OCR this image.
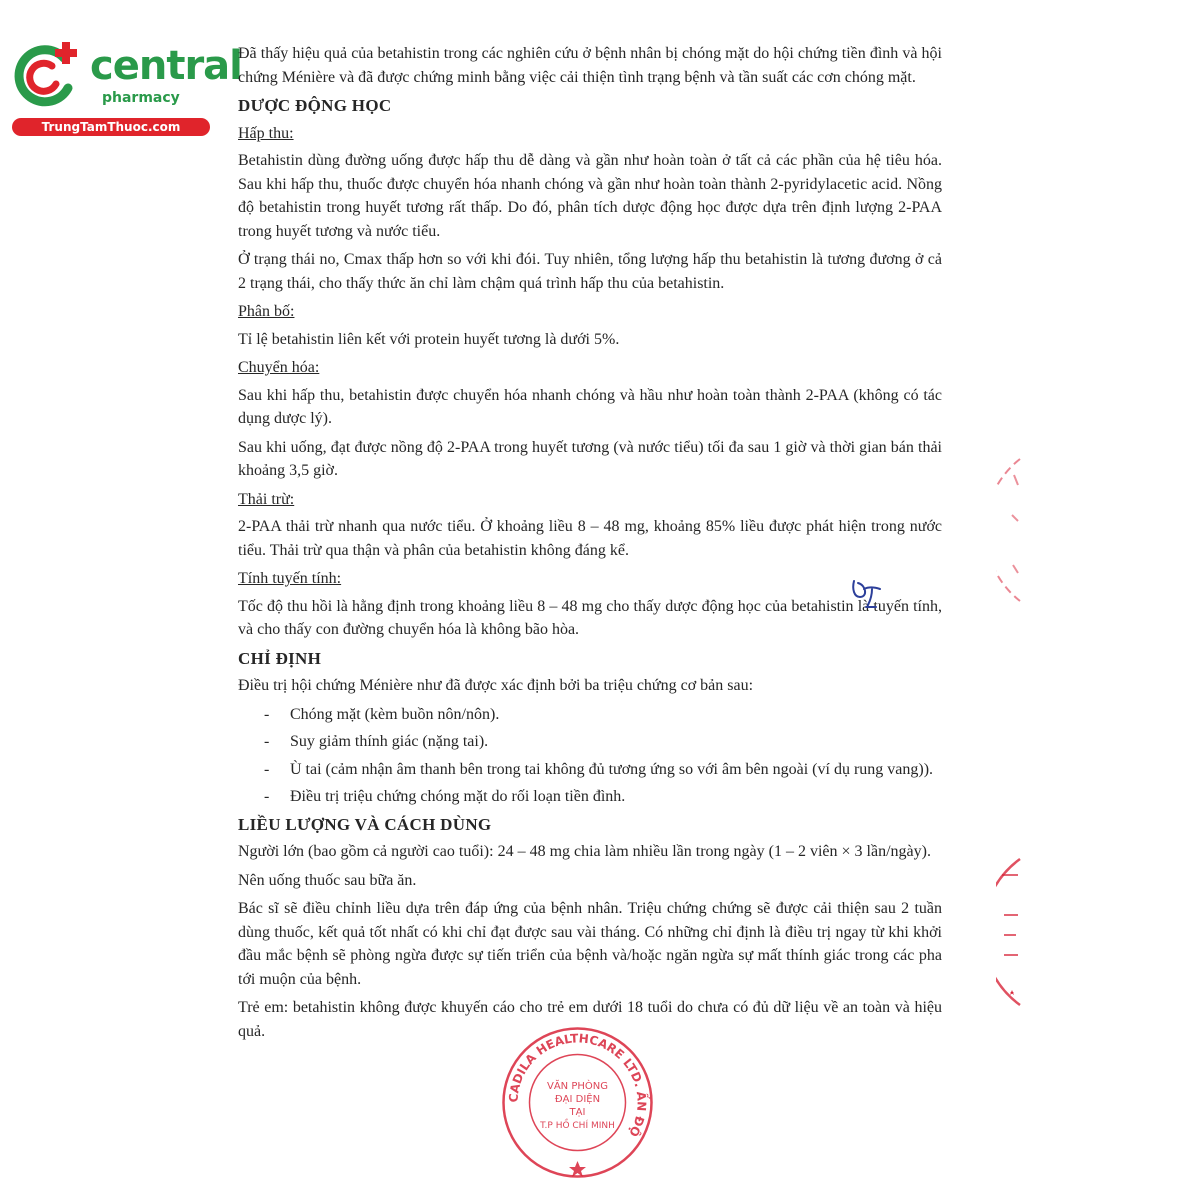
central
pharmacy
TrungTamThuoc.com

Đã thấy hiệu quả của betahistin trong các nghiên cứu ở bệnh nhân bị chóng mặt do hội chứng tiền đình và hội chứng Ménière và đã được chứng minh bằng việc cải thiện tình trạng bệnh và tần suất các cơn chóng mặt.

DƯỢC ĐỘNG HỌC
Hấp thu:

Betahistin dùng đường uống được hấp thu dễ dàng và gần như hoàn toàn ở tất cả các phần của hệ tiêu hóa. Sau khi hấp thu, thuốc được chuyển hóa nhanh chóng và gần như hoàn toàn thành 2-pyridylacetic acid. Nồng độ betahistin trong huyết tương rất thấp. Do đó, phân tích dược động học được dựa trên định lượng 2-PAA trong huyết tương và nước tiểu.

Ở trạng thái no, Cmax thấp hơn so với khi đói. Tuy nhiên, tổng lượng hấp thu betahistin là tương đương ở cả 2 trạng thái, cho thấy thức ăn chỉ làm chậm quá trình hấp thu của betahistin.

Phân bố:

Tỉ lệ betahistin liên kết với protein huyết tương là dưới 5%.

Chuyển hóa:

Sau khi hấp thu, betahistin được chuyển hóa nhanh chóng và hầu như hoàn toàn thành 2-PAA (không có tác dụng dược lý).

Sau khi uống, đạt được nồng độ 2-PAA trong huyết tương (và nước tiểu) tối đa sau 1 giờ và thời gian bán thải khoảng 3,5 giờ.

Thải trừ:

2-PAA thải trừ nhanh qua nước tiểu. Ở khoảng liều 8 – 48 mg, khoảng 85% liều được phát hiện trong nước tiểu. Thải trừ qua thận và phân của betahistin không đáng kể.

Tính tuyến tính:

Tốc độ thu hồi là hằng định trong khoảng liều 8 – 48 mg cho thấy dược động học của betahistin là tuyến tính, và cho thấy con đường chuyển hóa là không bão hòa.

CHỈ ĐỊNH

Điều trị hội chứng Ménière như đã được xác định bởi ba triệu chứng cơ bản sau:

- Chóng mặt (kèm buồn nôn/nôn).
- Suy giảm thính giác (nặng tai).
- Ù tai (cảm nhận âm thanh bên trong tai không đủ tương ứng so với âm bên ngoài (ví dụ rung vang)).
- Điều trị triệu chứng chóng mặt do rối loạn tiền đình.
LIỀU LƯỢNG VÀ CÁCH DÙNG

Người lớn (bao gồm cả người cao tuổi): 24 – 48 mg chia làm nhiều lần trong ngày (1 – 2 viên × 3 lần/ngày).

Nên uống thuốc sau bữa ăn.

Bác sĩ sẽ điều chỉnh liều dựa trên đáp ứng của bệnh nhân. Triệu chứng chứng sẽ được cải thiện sau 2 tuần dùng thuốc, kết quả tốt nhất có khi chỉ đạt được sau vài tháng. Có những chỉ định là điều trị ngay từ khi khởi đầu mắc bệnh sẽ phòng ngừa được sự tiến triển của bệnh và/hoặc ngăn ngừa sự mất thính giác trong các pha tới muộn của bệnh.

Trẻ em: betahistin không được khuyến cáo cho trẻ em dưới 18 tuổi do chưa có đủ dữ liệu về an toàn và hiệu quả.

CADILA HEALTHCARE LTD. ẤN ĐỘ
VĂN PHÒNG
ĐẠI DIỆN
TẠI
T.P HỒ CHÍ MINH
